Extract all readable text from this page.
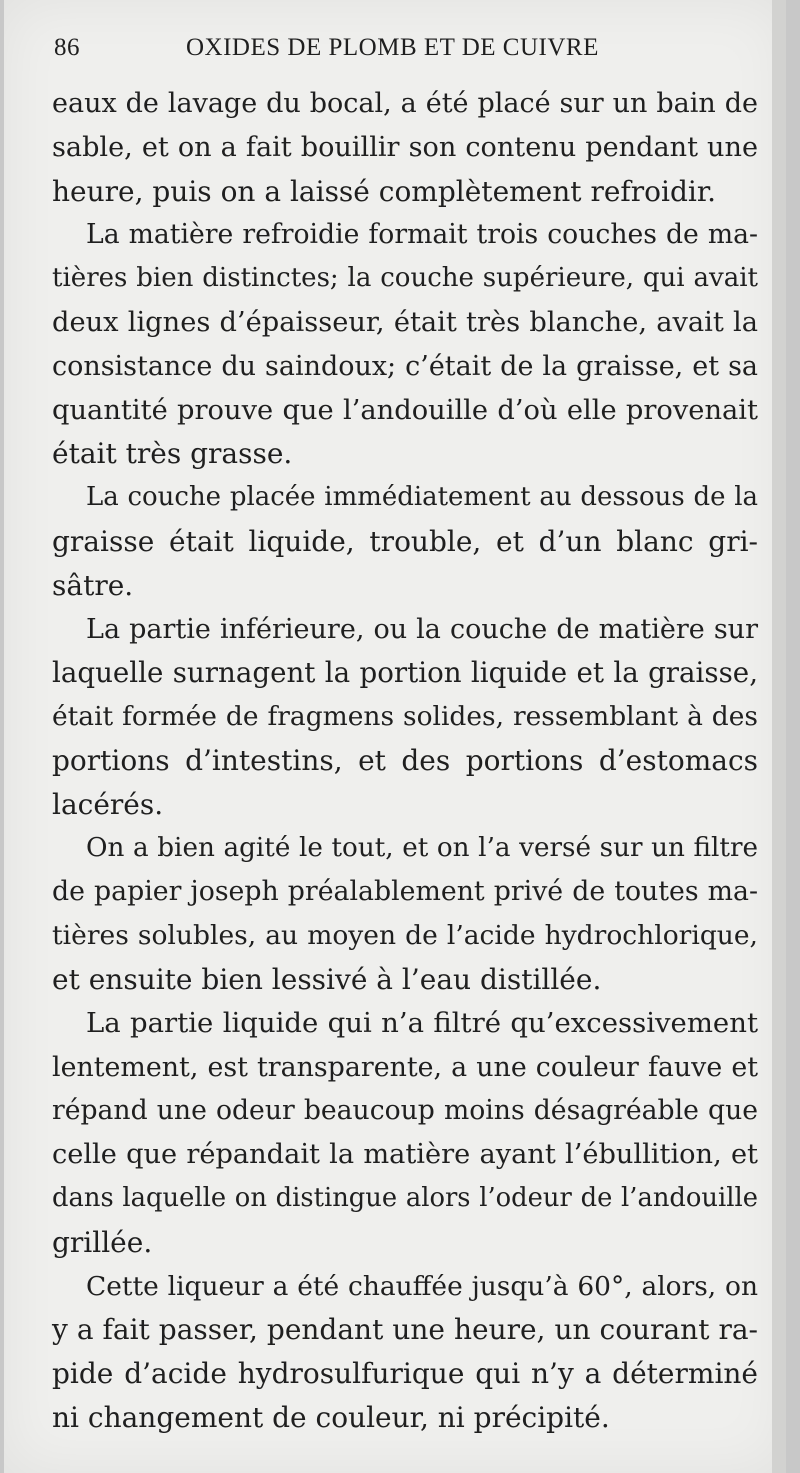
86	OXIDES DE PLOMB ET DE CUIVRE
eaux de lavage du bocal, a été placé sur un bain de
sable, et on a fait bouillir son contenu pendant une
heure, puis on a laissé complètement refroidir.
La matière refroidie formait trois couches de ma-
tières bien distinctes; la couche supérieure, qui avait
deux lignes d’épaisseur, était très blanche, avait la
consistance du saindoux; c’était de la graisse, et sa
quantité prouve que l’andouille d’où elle provenait
était très grasse.
La couche placée immédiatement au dessous de la
graisse était liquide, trouble, et d’un blanc gri-
sâtre.
La partie inférieure, ou la couche de matière sur
laquelle surnagent la portion liquide et la graisse,
était formée de fragmens solides, ressemblant à des
portions d’intestins, et des portions d’estomacs
lacérés.
On a bien agité le tout, et on l’a versé sur un filtre
de papier joseph préalablement privé de toutes ma-
tières solubles, au moyen de l’acide hydrochlorique,
et ensuite bien lessivé à l’eau distillée.
La partie liquide qui n’a filtré qu’excessivement
lentement, est transparente, a une couleur fauve et
répand une odeur beaucoup moins désagréable que
celle que répandait la matière ayant l’ébullition, et
dans laquelle on distingue alors l’odeur de l’andouille
grillée.
Cette liqueur a été chauffée jusqu’à 60°, alors, on
y a fait passer, pendant une heure, un courant ra-
pide d’acide hydrosulfurique qui n’y a déterminé
ni changement de couleur, ni précipité.
